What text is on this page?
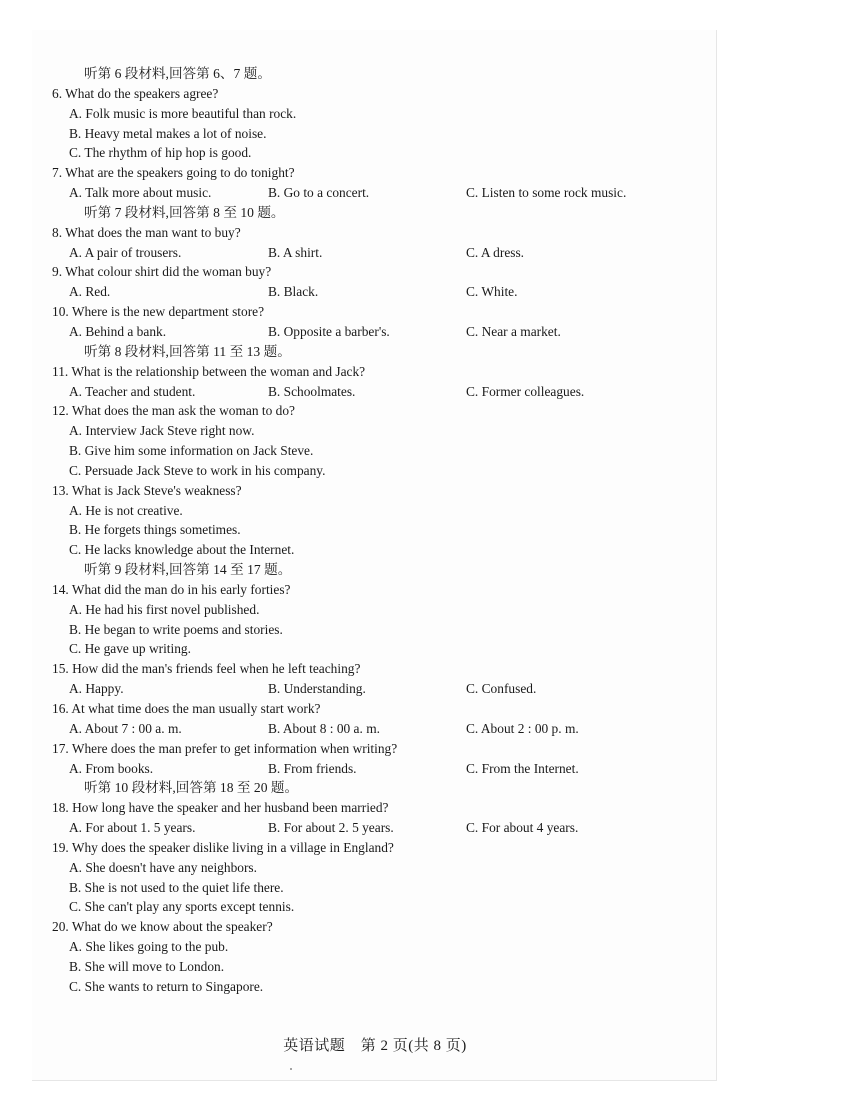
听第 6 段材料,回答第 6、7 题。
6. What do the speakers agree?
A. Folk music is more beautiful than rock.
B. Heavy metal makes a lot of noise.
C. The rhythm of hip hop is good.
7. What are the speakers going to do tonight?
A. Talk more about music.	B. Go to a concert.	C. Listen to some rock music.
听第 7 段材料,回答第 8 至 10 题。
8. What does the man want to buy?
A. A pair of trousers.	B. A shirt.	C. A dress.
9. What colour shirt did the woman buy?
A. Red.	B. Black.	C. White.
10. Where is the new department store?
A. Behind a bank.	B. Opposite a barber's.	C. Near a market.
听第 8 段材料,回答第 11 至 13 题。
11. What is the relationship between the woman and Jack?
A. Teacher and student.	B. Schoolmates.	C. Former colleagues.
12. What does the man ask the woman to do?
A. Interview Jack Steve right now.
B. Give him some information on Jack Steve.
C. Persuade Jack Steve to work in his company.
13. What is Jack Steve's weakness?
A. He is not creative.
B. He forgets things sometimes.
C. He lacks knowledge about the Internet.
听第 9 段材料,回答第 14 至 17 题。
14. What did the man do in his early forties?
A. He had his first novel published.
B. He began to write poems and stories.
C. He gave up writing.
15. How did the man's friends feel when he left teaching?
A. Happy.	B. Understanding.	C. Confused.
16. At what time does the man usually start work?
A. About 7 : 00 a. m.	B. About 8 : 00 a. m.	C. About 2 : 00 p. m.
17. Where does the man prefer to get information when writing?
A. From books.	B. From friends.	C. From the Internet.
听第 10 段材料,回答第 18 至 20 题。
18. How long have the speaker and her husband been married?
A. For about 1. 5 years.	B. For about 2. 5 years.	C. For about 4 years.
19. Why does the speaker dislike living in a village in England?
A. She doesn't have any neighbors.
B. She is not used to the quiet life there.
C. She can't play any sports except tennis.
20. What do we know about the speaker?
A. She likes going to the pub.
B. She will move to London.
C. She wants to return to Singapore.
英语试题　第 2 页(共 8 页)
